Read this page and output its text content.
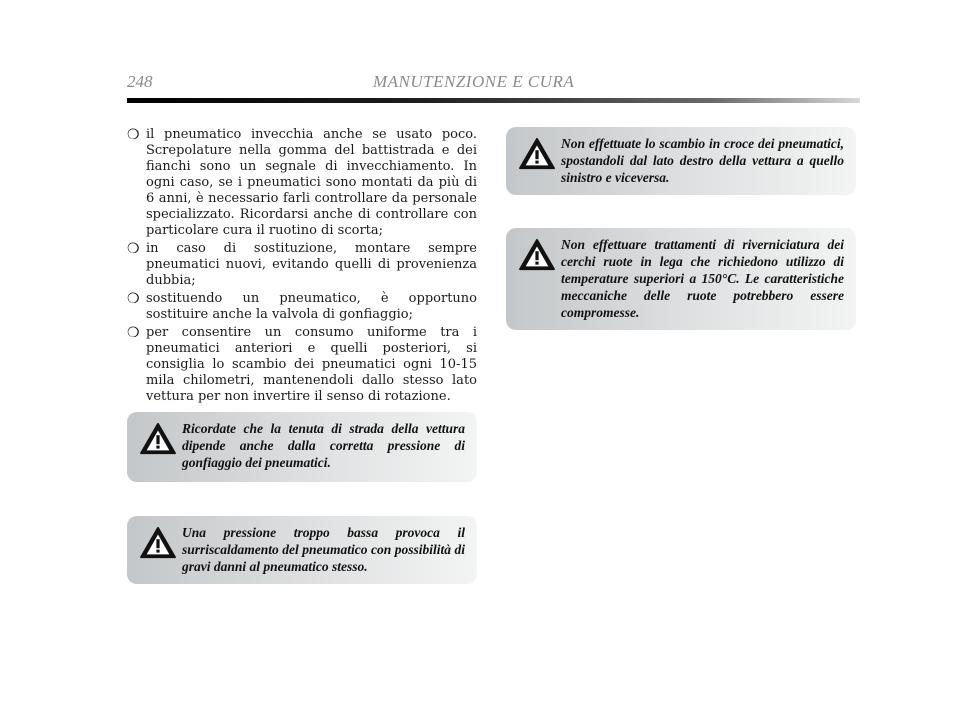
248	MANUTENZIONE E CURA
❍ il pneumatico invecchia anche se usato poco. Screpolature nella gomma del battistrada e dei fianchi sono un segnale di invecchiamento. In ogni caso, se i pneumatici sono montati da più di 6 anni, è necessario farli controllare da personale specializzato. Ricordarsi anche di controllare con particolare cura il ruotino di scorta;
❍ in caso di sostituzione, montare sempre pneumatici nuovi, evitando quelli di provenienza dubbia;
❍ sostituendo un pneumatico, è opportuno sostituire anche la valvola di gonfiaggio;
❍ per consentire un consumo uniforme tra i pneumatici anteriori e quelli posteriori, si consiglia lo scambio dei pneumatici ogni 10-15 mila chilometri, mantenendoli dallo stesso lato vettura per non invertire il senso di rotazione.

Ricordate che la tenuta di strada della vettura dipende anche dalla corretta pressione di gonfiaggio dei pneumatici.

Una pressione troppo bassa provoca il surriscaldamento del pneumatico con possibilità di gravi danni al pneumatico stesso.

Non effettuate lo scambio in croce dei pneumatici, spostandoli dal lato destro della vettura a quello sinistro e viceversa.

Non effettuare trattamenti di riverniciatura dei cerchi ruote in lega che richiedono utilizzo di temperature superiori a 150°C. Le caratteristiche meccaniche delle ruote potrebbero essere compromesse.
